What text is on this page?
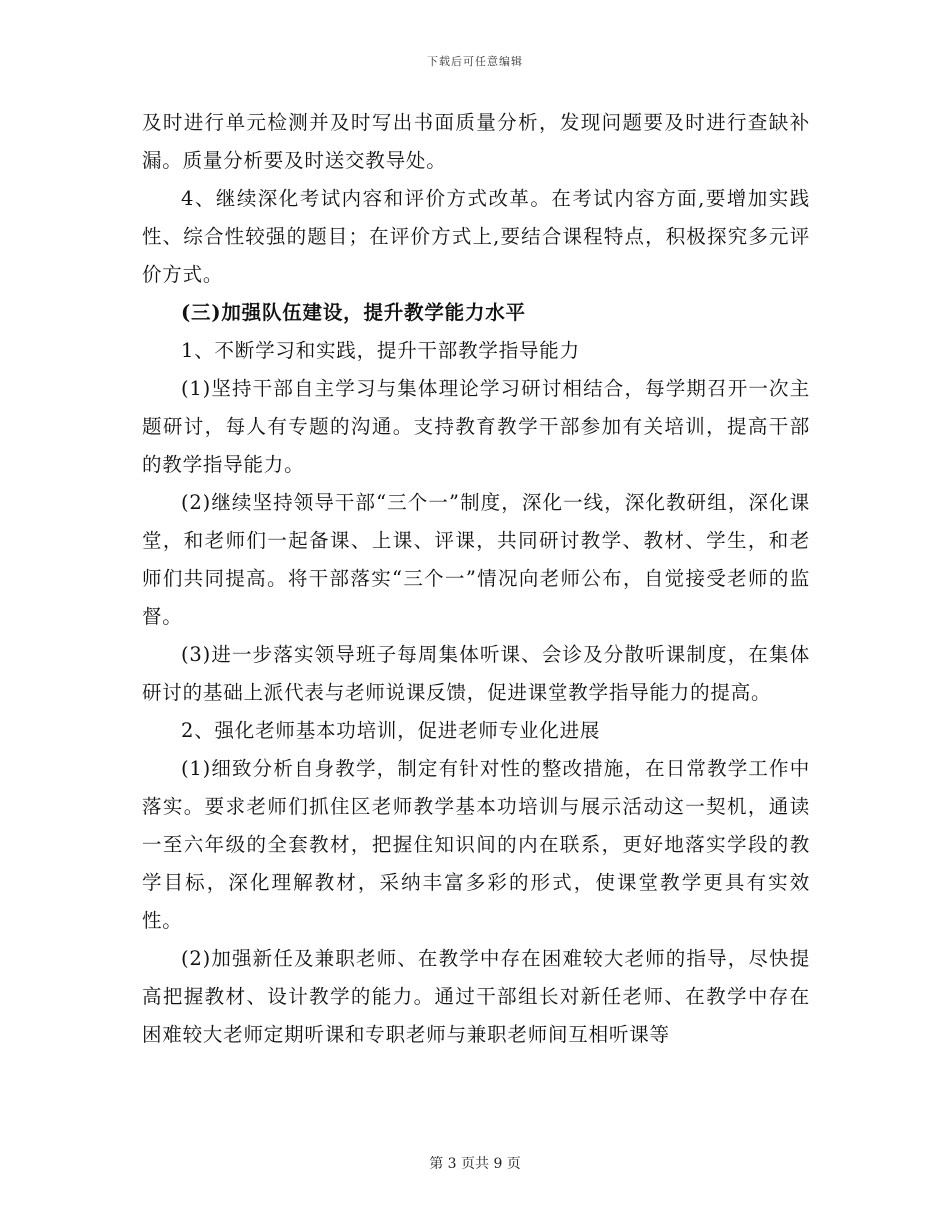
下载后可任意编辑

及时进行单元检测并及时写出书面质量分析，发现问题要及时进行查缺补漏。质量分析要及时送交教导处。

4、继续深化考试内容和评价方式改革。在考试内容方面,要增加实践性、综合性较强的题目；在评价方式上,要结合课程特点，积极探究多元评价方式。

(三)加强队伍建设，提升教学能力水平

1、不断学习和实践，提升干部教学指导能力

(1)坚持干部自主学习与集体理论学习研讨相结合，每学期召开一次主题研讨，每人有专题的沟通。支持教育教学干部参加有关培训，提高干部的教学指导能力。

(2)继续坚持领导干部“三个一”制度，深化一线，深化教研组，深化课堂，和老师们一起备课、上课、评课，共同研讨教学、教材、学生，和老师们共同提高。将干部落实“三个一”情况向老师公布，自觉接受老师的监督。

(3)进一步落实领导班子每周集体听课、会诊及分散听课制度，在集体研讨的基础上派代表与老师说课反馈，促进课堂教学指导能力的提高。

2、强化老师基本功培训，促进老师专业化进展

(1)细致分析自身教学，制定有针对性的整改措施，在日常教学工作中落实。要求老师们抓住区老师教学基本功培训与展示活动这一契机，通读一至六年级的全套教材，把握住知识间的内在联系，更好地落实学段的教学目标，深化理解教材，采纳丰富多彩的形式，使课堂教学更具有实效性。

(2)加强新任及兼职老师、在教学中存在困难较大老师的指导，尽快提高把握教材、设计教学的能力。通过干部组长对新任老师、在教学中存在困难较大老师定期听课和专职老师与兼职老师间互相听课等

第 3 页共 9 页
